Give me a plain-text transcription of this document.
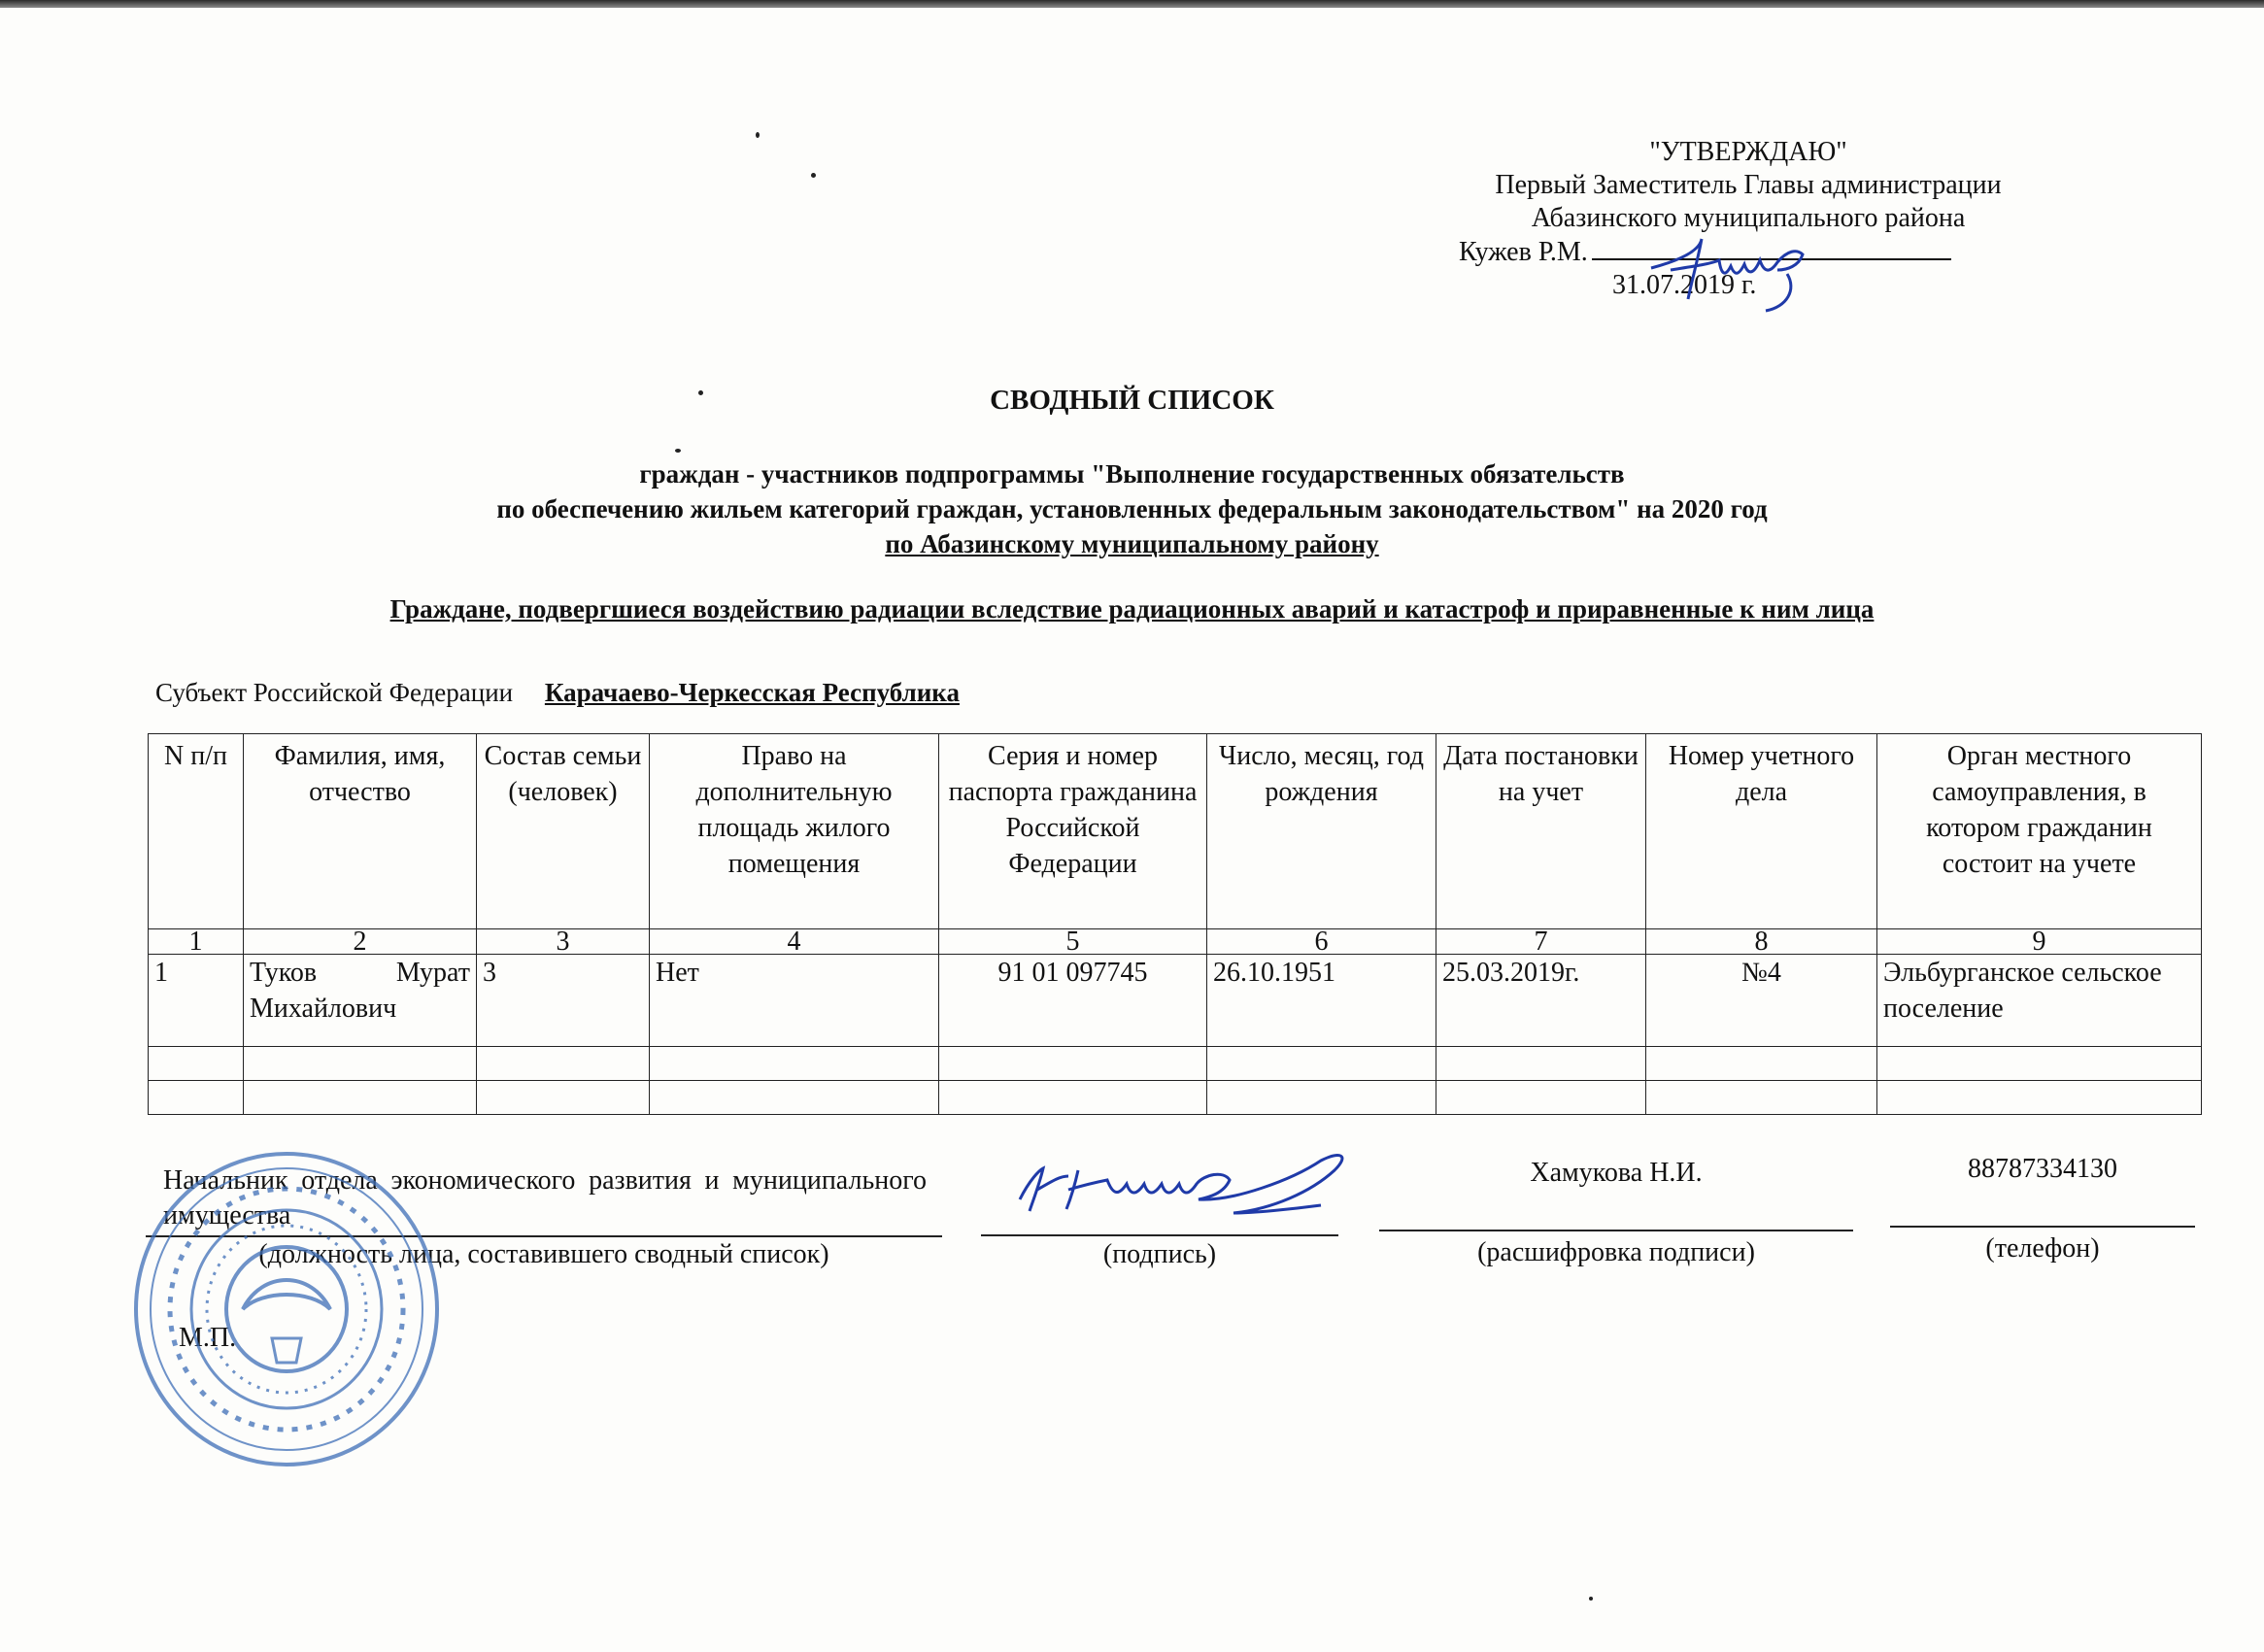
"УТВЕРЖДАЮ"
Первый Заместитель Главы администрации
Абазинского муниципального района
Кужев Р.М.
31.07.2019 г.
СВОДНЫЙ СПИСОК
граждан - участников подпрограммы "Выполнение государственных обязательств
по обеспечению жильем категорий граждан, установленных федеральным законодательством" на 2020 год
по Абазинскому муниципальному району
Граждане, подвергшиеся воздействию радиации вследствие радиационных аварий и катастроф и приравненные к ним лица
Субъект Российской Федерации Карачаево-Черкесская Республика
N п/п	Фамилия, имя, отчество	Состав семьи (человек)	Право на дополнительную площадь жилого помещения	Серия и номер паспорта гражданина Российской Федерации	Число, месяц, год рождения	Дата постановки на учет	Номер учетного дела	Орган местного самоуправления, в котором гражданин состоит на учете
1	2	3	4	5	6	7	8	9
1	Туков Мурат Михайлович	3	Нет	91 01 097745	26.10.1951	25.03.2019г.	№4	Эльбурганское сельское поселение

Начальник отдела экономического развития и муниципального имущества
(должность лица, составившего сводный список)	(подпись)
Хамукова Н.И.
(расшифровка подписи)
88787334130
(телефон)
М.П.
